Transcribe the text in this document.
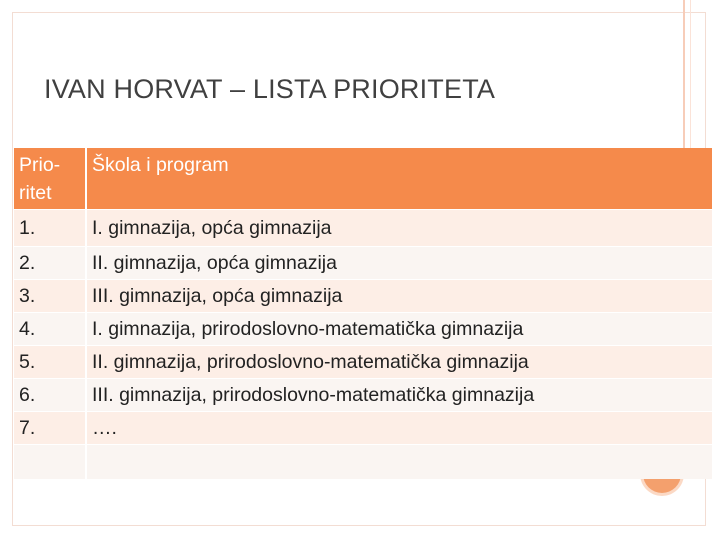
IVAN HORVAT – LISTA PRIORITETA
Prio-
ritet	Škola i program
1.	I. gimnazija, opća gimnazija
2.	II. gimnazija, opća gimnazija
3.	III. gimnazija, opća gimnazija
4.	I. gimnazija, prirodoslovno-matematička gimnazija
5.	II. gimnazija, prirodoslovno-matematička gimnazija
6.	III. gimnazija, prirodoslovno-matematička gimnazija
7.	….
